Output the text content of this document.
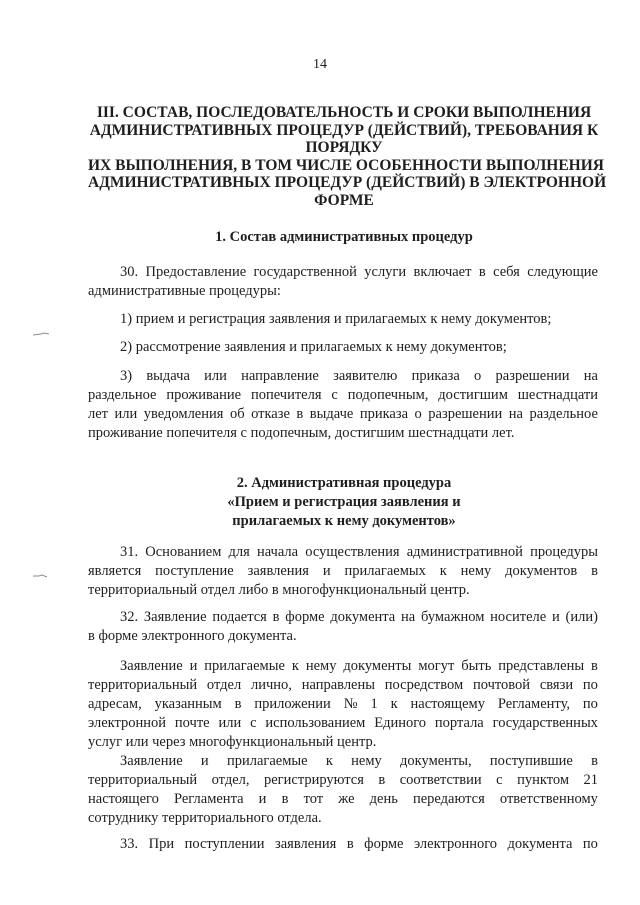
14
III. СОСТАВ, ПОСЛЕДОВАТЕЛЬНОСТЬ И СРОКИ ВЫПОЛНЕНИЯ
АДМИНИСТРАТИВНЫХ ПРОЦЕДУР (ДЕЙСТВИЙ), ТРЕБОВАНИЯ К
ПОРЯДКУ
ИХ ВЫПОЛНЕНИЯ, В ТОМ ЧИСЛЕ ОСОБЕННОСТИ ВЫПОЛНЕНИЯ
АДМИНИСТРАТИВНЫХ ПРОЦЕДУР (ДЕЙСТВИЙ) В ЭЛЕКТРОННОЙ
ФОРМЕ
1. Состав административных процедур
30. Предоставление государственной услуги включает в себя следующие
административные процедуры:
1) прием и регистрация заявления и прилагаемых к нему документов;
2) рассмотрение заявления и прилагаемых к нему документов;
3) выдача или направление заявителю приказа о разрешении на
раздельное проживание попечителя с подопечным, достигшим шестнадцати
лет или уведомления об отказе в выдаче приказа о разрешении на раздельное
проживание попечителя с подопечным, достигшим шестнадцати лет.
2. Административная процедура
«Прием и регистрация заявления и
прилагаемых к нему документов»
31. Основанием для начала осуществления административной процедуры
является поступление заявления и прилагаемых к нему документов в
территориальный отдел либо в многофункциональный центр.
32. Заявление подается в форме документа на бумажном носителе и (или)
в форме электронного документа.
Заявление и прилагаемые к нему документы могут быть представлены в
территориальный отдел лично, направлены посредством почтовой связи по
адресам, указанным в приложении № 1 к настоящему Регламенту, по
электронной почте или с использованием Единого портала государственных
услуг или через многофункциональный центр.
Заявление и прилагаемые к нему документы, поступившие в
территориальный отдел, регистрируются в соответствии с пунктом 21
настоящего Регламента и в тот же день передаются ответственному
сотруднику территориального отдела.
33. При поступлении заявления в форме электронного документа по
